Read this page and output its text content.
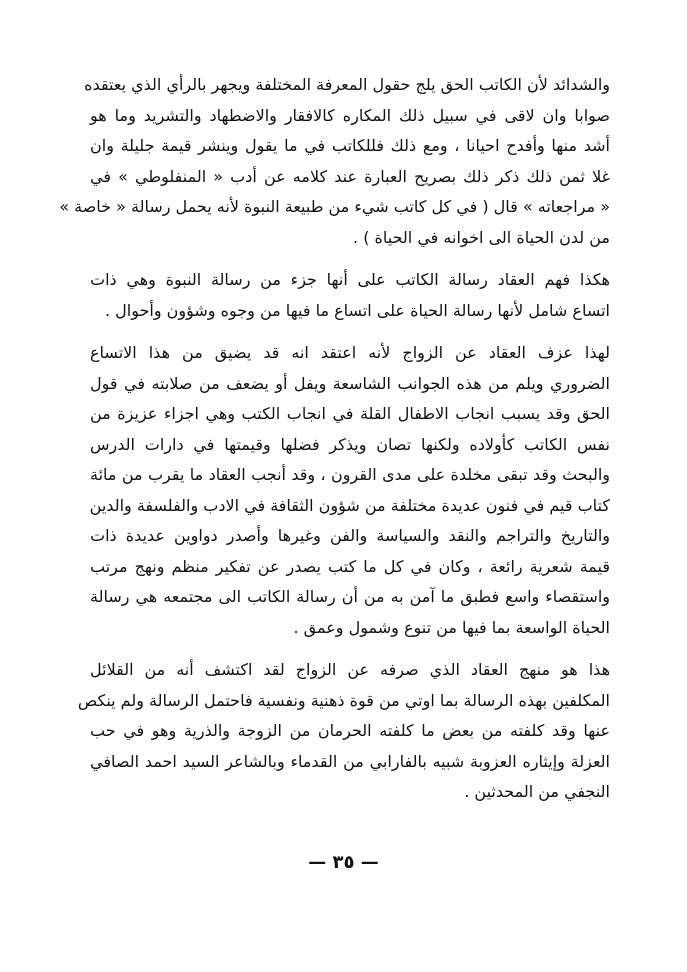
والشدائد لأن الكاتب الحق يلج حقول المعرفة المختلفة ويجهر بالرأي الذي يعتقده
صوابا وان لاقى في سبيل ذلك المكاره كالافقار والاضطهاد والتشريد وما هو
أشد منها وأفدح احيانا ، ومع ذلك فللكاتب في ما يقول وينشر قيمة جليلة وان
غلا ثمن ذلك ذكر ذلك بصريح العبارة عند كلامه عن أدب « المنفلوطي » في
« مراجعاته » قال ( في كل كاتب شيء من طبيعة النبوة لأنه يحمل رسالة « خاصة »
من لدن الحياة الى اخوانه في الحياة ) .
هكذا فهم العقاد رسالة الكاتب على أنها جزء من رسالة النبوة وهي ذات
اتساع شامل لأنها رسالة الحياة على اتساع ما فيها من وجوه وشؤون وأحوال .
لهذا عزف العقاد عن الزواج لأنه اعتقد انه قد يضيق من هذا الاتساع
الضروري ويلم من هذه الجوانب الشاسعة ويفل أو يضعف من صلابته في قول
الحق وقد يسبب انجاب الاطفال القلة في انجاب الكتب وهي اجزاء عزيزة من
نفس الكاتب كأولاده ولكنها تصان ويذكر فضلها وقيمتها في دارات الدرس
والبحث وقد تبقى مخلدة على مدى القرون ، وقد أنجب العقاد ما يقرب من مائة
كتاب قيم في فنون عديدة مختلفة من شؤون الثقافة في الادب والفلسفة والدين
والتاريخ والتراجم والنقد والسياسة والفن وغيرها وأصدر دواوين عديدة ذات
قيمة شعرية رائعة ، وكان في كل ما كتب يصدر عن تفكير منظم ونهج مرتب
واستقصاء واسع فطبق ما آمن به من أن رسالة الكاتب الى مجتمعه هي رسالة
الحياة الواسعة بما فيها من تنوع وشمول وعمق .
هذا هو منهج العقاد الذي صرفه عن الزواج لقد اكتشف أنه من القلائل
المكلفين بهذه الرسالة بما اوتي من قوة ذهنية ونفسية فاحتمل الرسالة ولم ينكص
عنها وقد كلفته من بعض ما كلفته الحرمان من الزوجة والذرية وهو في حب
العزلة وإيثاره العزوبة شبيه بالفارابي من القدماء وبالشاعر السيد احمد الصافي
النجفي من المحدثين .
— ٣٥ —
